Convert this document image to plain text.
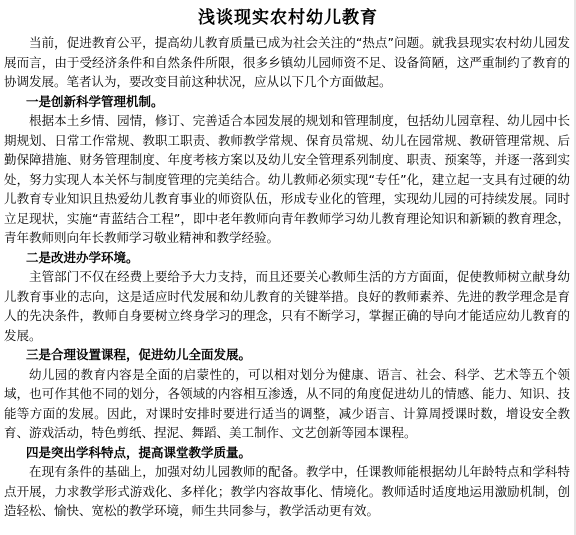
浅谈现实农村幼儿教育

当前，促进教育公平，提高幼儿教育质量已成为社会关注的“热点”问题。就我县现实农村幼儿园发展而言，由于受经济条件和自然条件所限，很多乡镇幼儿园师资不足、设备简陋，这严重制约了教育的协调发展。笔者认为，要改变目前这种状况，应从以下几个方面做起。

一是创新科学管理机制。

根据本土乡情、园情，修订、完善适合本园发展的规划和管理制度，包括幼儿园章程、幼儿园中长期规划、日常工作常规、教职工职责、教师教学常规、保育员常规、幼儿在园常规、教研管理常规、后勤保障措施、财务管理制度、年度考核方案以及幼儿安全管理系列制度、职责、预案等，并逐一落到实处，努力实现人本关怀与制度管理的完美结合。幼儿教师必须实现“专任”化，建立起一支具有过硬的幼儿教育专业知识且热爱幼儿教育事业的师资队伍，形成专业化的管理，实现幼儿园的可持续发展。同时立足现状，实施“青蓝结合工程”，即中老年教师向青年教师学习幼儿教育理论知识和新颖的教育理念，青年教师则向年长教师学习敬业精神和教学经验。

二是改进办学环境。

主管部门不仅在经费上要给予大力支持，而且还要关心教师生活的方方面面，促使教师树立献身幼儿教育事业的志向，这是适应时代发展和幼儿教育的关键举措。良好的教师素养、先进的教学理念是育人的先决条件，教师自身要树立终身学习的理念，只有不断学习，掌握正确的导向才能适应幼儿教育的发展。

三是合理设置课程，促进幼儿全面发展。

幼儿园的教育内容是全面的启蒙性的，可以相对划分为健康、语言、社会、科学、艺术等五个领域，也可作其他不同的划分，各领域的内容相互渗透，从不同的角度促进幼儿的情感、能力、知识、技能等方面的发展。因此，对课时安排时要进行适当的调整，减少语言、计算周授课时数，增设安全教育、游戏活动，特色剪纸、捏泥、舞蹈、美工制作、文艺创新等园本课程。

四是突出学科特点，提高课堂教学质量。

在现有条件的基础上，加强对幼儿园教师的配备。教学中，任课教师能根据幼儿年龄特点和学科特点开展，力求教学形式游戏化、多样化；教学内容故事化、情境化。教师适时适度地运用激励机制，创造轻松、愉快、宽松的教学环境，师生共同参与，教学活动更有效。
